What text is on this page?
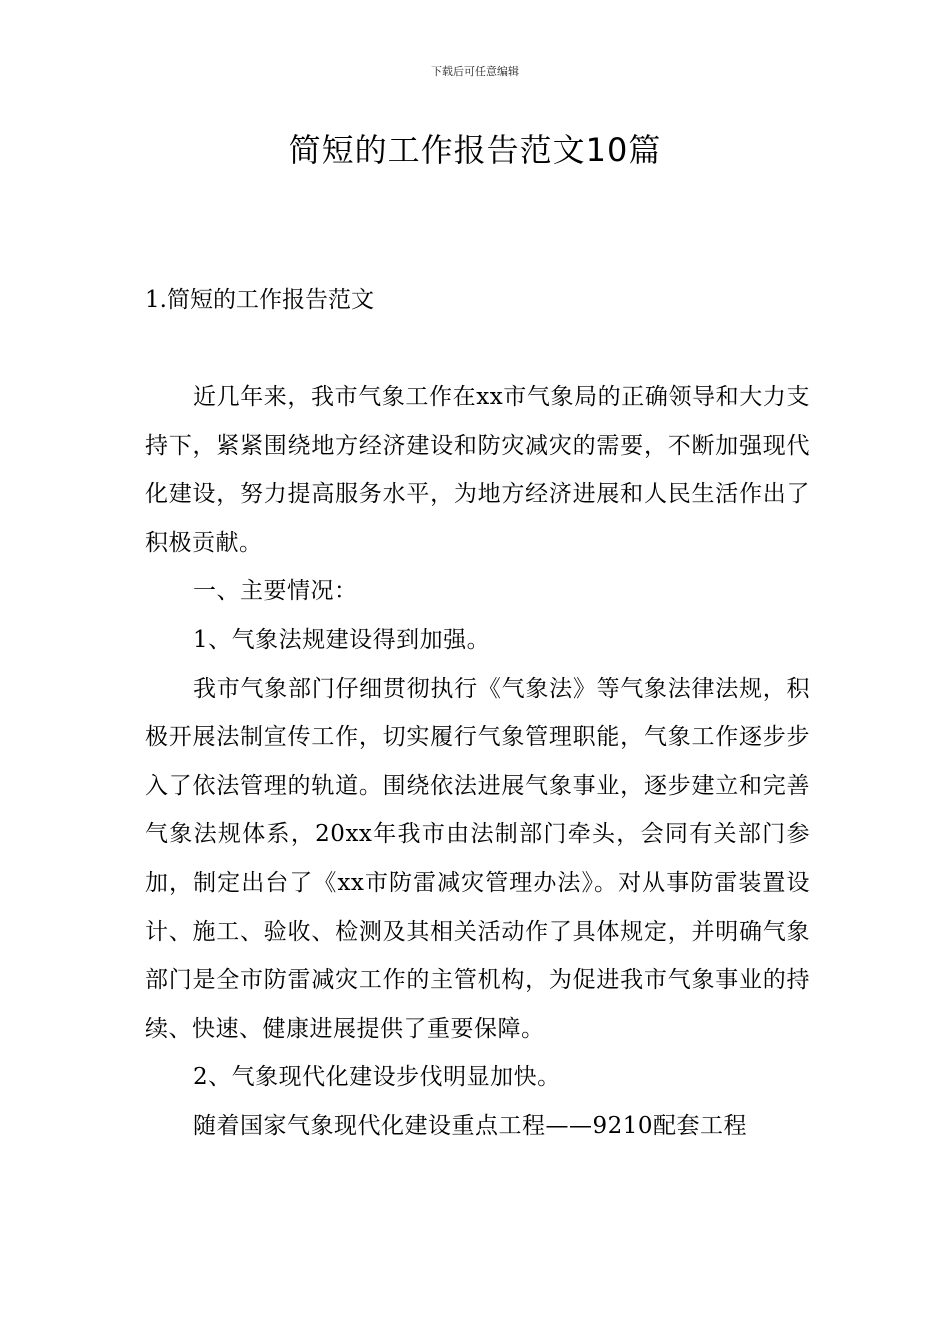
下载后可任意编辑
简短的工作报告范文10篇
1.简短的工作报告范文

近几年来，我市气象工作在xx市气象局的正确领导和大力支持下，紧紧围绕地方经济建设和防灾减灾的需要，不断加强现代化建设，努力提高服务水平，为地方经济进展和人民生活作出了积极贡献。

一、主要情况：

1、气象法规建设得到加强。

我市气象部门仔细贯彻执行《气象法》等气象法律法规，积极开展法制宣传工作，切实履行气象管理职能，气象工作逐步步入了依法管理的轨道。围绕依法进展气象事业，逐步建立和完善气象法规体系，20xx年我市由法制部门牵头，会同有关部门参加，制定出台了《xx市防雷减灾管理办法》。对从事防雷装置设计、施工、验收、检测及其相关活动作了具体规定，并明确气象部门是全市防雷减灾工作的主管机构，为促进我市气象事业的持续、快速、健康进展提供了重要保障。

2、气象现代化建设步伐明显加快。

随着国家气象现代化建设重点工程——9210配套工程
